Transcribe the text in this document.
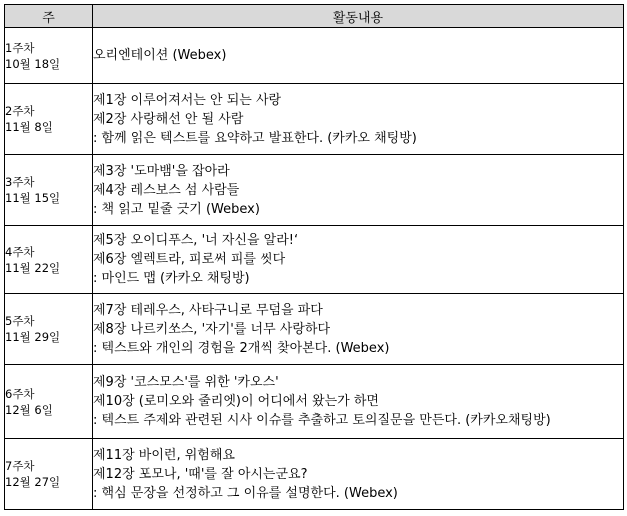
주	활동내용

1주차
10월 18일	오리엔테이션 (Webex)

2주차
11월 8일	제1장 이루어져서는 안 되는 사랑
제2장 사랑해선 안 될 사람
: 함께 읽은 텍스트를 요약하고 발표한다. (카카오 채팅방)

3주차
11월 15일	제3장 '도마뱀'을 잡아라
제4장 레스보스 섬 사람들
: 책 읽고 밑줄 긋기 (Webex)

4주차
11월 22일	제5장 오이디푸스, '너 자신을 알라!‘
제6장 엘렉트라, 피로써 피를 씻다
: 마인드 맵 (카카오 채팅방)

5주차
11월 29일	제7장 테레우스, 사타구니로 무덤을 파다
제8장 나르키쏘스, '자기'를 너무 사랑하다
: 텍스트와 개인의 경험을 2개씩 찾아본다. (Webex)

6주차
12월 6일	제9장 '코스모스'를 위한 '카오스'
제10장 (로미오와 줄리엣)이 어디에서 왔는가 하면
: 텍스트 주제와 관련된 시사 이슈를 추출하고 토의질문을 만든다. (카카오채팅방)

7주차
12월 27일	제11장 바이런, 위험해요
제12장 포모나, '때'를 잘 아시는군요?
: 핵심 문장을 선정하고 그 이유를 설명한다. (Webex)
